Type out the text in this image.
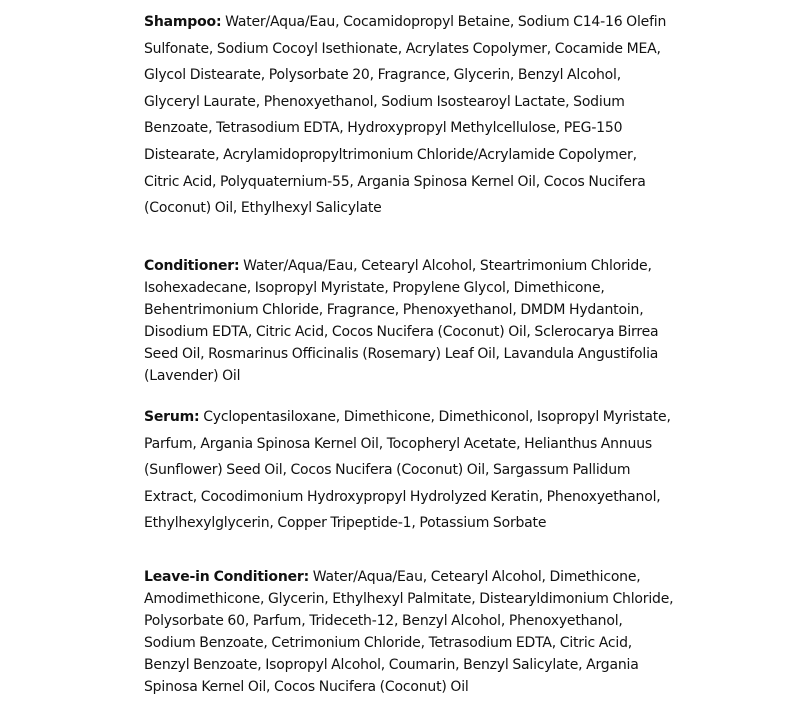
Shampoo: Water/Aqua/Eau, Cocamidopropyl Betaine, Sodium C14-16 Olefin Sulfonate, Sodium Cocoyl Isethionate, Acrylates Copolymer, Cocamide MEA, Glycol Distearate, Polysorbate 20, Fragrance, Glycerin, Benzyl Alcohol, Glyceryl Laurate, Phenoxyethanol, Sodium Isostearoyl Lactate, Sodium Benzoate, Tetrasodium EDTA, Hydroxypropyl Methylcellulose, PEG-150 Distearate, Acrylamidopropyltrimonium Chloride/Acrylamide Copolymer, Citric Acid, Polyquaternium-55, Argania Spinosa Kernel Oil, Cocos Nucifera (Coconut) Oil, Ethylhexyl Salicylate

Conditioner: Water/Aqua/Eau, Cetearyl Alcohol, Steartrimonium Chloride, Isohexadecane, Isopropyl Myristate, Propylene Glycol, Dimethicone, Behentrimonium Chloride, Fragrance, Phenoxyethanol, DMDM Hydantoin, Disodium EDTA, Citric Acid, Cocos Nucifera (Coconut) Oil, Sclerocarya Birrea Seed Oil, Rosmarinus Officinalis (Rosemary) Leaf Oil, Lavandula Angustifolia (Lavender) Oil

Serum: Cyclopentasiloxane, Dimethicone, Dimethiconol, Isopropyl Myristate, Parfum, Argania Spinosa Kernel Oil, Tocopheryl Acetate, Helianthus Annuus (Sunflower) Seed Oil, Cocos Nucifera (Coconut) Oil, Sargassum Pallidum Extract, Cocodimonium Hydroxypropyl Hydrolyzed Keratin, Phenoxyethanol, Ethylhexylglycerin, Copper Tripeptide-1, Potassium Sorbate

Leave-in Conditioner: Water/Aqua/Eau, Cetearyl Alcohol, Dimethicone, Amodimethicone, Glycerin, Ethylhexyl Palmitate, Distearyldimonium Chloride, Polysorbate 60, Parfum, Trideceth-12, Benzyl Alcohol, Phenoxyethanol, Sodium Benzoate, Cetrimonium Chloride, Tetrasodium EDTA, Citric Acid, Benzyl Benzoate, Isopropyl Alcohol, Coumarin, Benzyl Salicylate, Argania Spinosa Kernel Oil, Cocos Nucifera (Coconut) Oil
